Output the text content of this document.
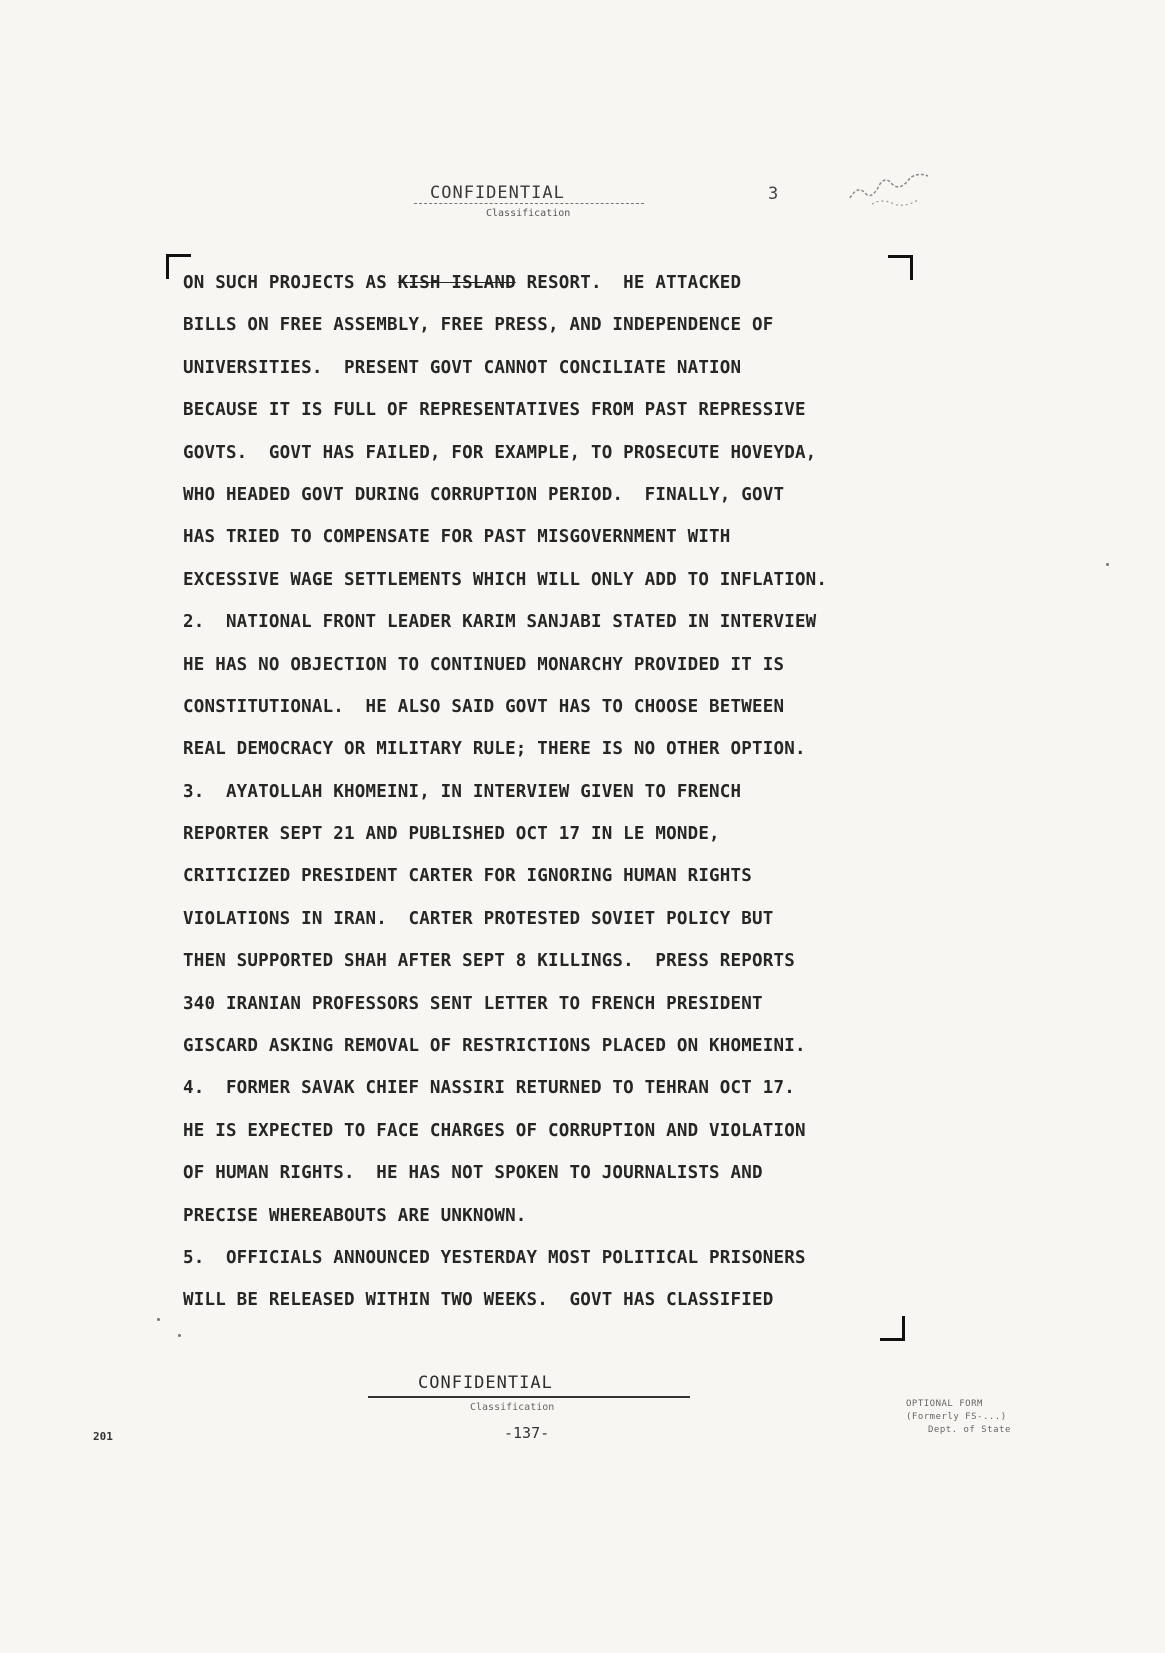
CONFIDENTIAL
Classification
3
ON SUCH PROJECTS AS KISH ISLAND RESORT.  HE ATTACKED
BILLS ON FREE ASSEMBLY, FREE PRESS, AND INDEPENDENCE OF
UNIVERSITIES.  PRESENT GOVT CANNOT CONCILIATE NATION
BECAUSE IT IS FULL OF REPRESENTATIVES FROM PAST REPRESSIVE
GOVTS.  GOVT HAS FAILED, FOR EXAMPLE, TO PROSECUTE HOVEYDA,
WHO HEADED GOVT DURING CORRUPTION PERIOD.  FINALLY, GOVT
HAS TRIED TO COMPENSATE FOR PAST MISGOVERNMENT WITH
EXCESSIVE WAGE SETTLEMENTS WHICH WILL ONLY ADD TO INFLATION.
2.  NATIONAL FRONT LEADER KARIM SANJABI STATED IN INTERVIEW
HE HAS NO OBJECTION TO CONTINUED MONARCHY PROVIDED IT IS
CONSTITUTIONAL.  HE ALSO SAID GOVT HAS TO CHOOSE BETWEEN
REAL DEMOCRACY OR MILITARY RULE; THERE IS NO OTHER OPTION.
3.  AYATOLLAH KHOMEINI, IN INTERVIEW GIVEN TO FRENCH
REPORTER SEPT 21 AND PUBLISHED OCT 17 IN LE MONDE,
CRITICIZED PRESIDENT CARTER FOR IGNORING HUMAN RIGHTS
VIOLATIONS IN IRAN.  CARTER PROTESTED SOVIET POLICY BUT
THEN SUPPORTED SHAH AFTER SEPT 8 KILLINGS.  PRESS REPORTS
340 IRANIAN PROFESSORS SENT LETTER TO FRENCH PRESIDENT
GISCARD ASKING REMOVAL OF RESTRICTIONS PLACED ON KHOMEINI.
4.  FORMER SAVAK CHIEF NASSIRI RETURNED TO TEHRAN OCT 17.
HE IS EXPECTED TO FACE CHARGES OF CORRUPTION AND VIOLATION
OF HUMAN RIGHTS.  HE HAS NOT SPOKEN TO JOURNALISTS AND
PRECISE WHEREABOUTS ARE UNKNOWN.
5.  OFFICIALS ANNOUNCED YESTERDAY MOST POLITICAL PRISONERS
WILL BE RELEASED WITHIN TWO WEEKS.  GOVT HAS CLASSIFIED
CONFIDENTIAL
Classification
-137-
201
OPTIONAL FORM
(Formerly FS-...)
Dept. of State
